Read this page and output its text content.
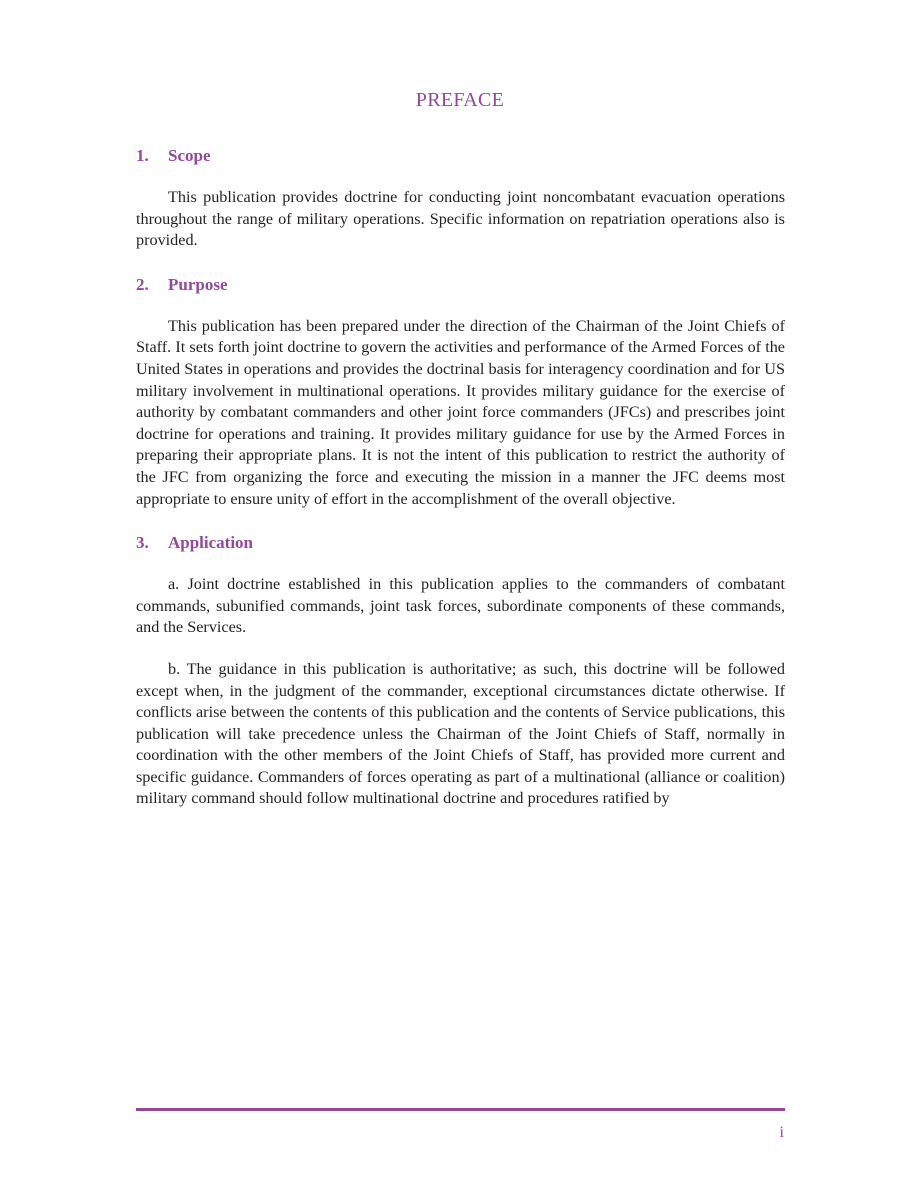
PREFACE
1. Scope

This publication provides doctrine for conducting joint noncombatant evacuation operations throughout the range of military operations. Specific information on repatriation operations also is provided.

2. Purpose

This publication has been prepared under the direction of the Chairman of the Joint Chiefs of Staff. It sets forth joint doctrine to govern the activities and performance of the Armed Forces of the United States in operations and provides the doctrinal basis for interagency coordination and for US military involvement in multinational operations. It provides military guidance for the exercise of authority by combatant commanders and other joint force commanders (JFCs) and prescribes joint doctrine for operations and training. It provides military guidance for use by the Armed Forces in preparing their appropriate plans. It is not the intent of this publication to restrict the authority of the JFC from organizing the force and executing the mission in a manner the JFC deems most appropriate to ensure unity of effort in the accomplishment of the overall objective.

3. Application

a. Joint doctrine established in this publication applies to the commanders of combatant commands, subunified commands, joint task forces, subordinate components of these commands, and the Services.

b. The guidance in this publication is authoritative; as such, this doctrine will be followed except when, in the judgment of the commander, exceptional circumstances dictate otherwise. If conflicts arise between the contents of this publication and the contents of Service publications, this publication will take precedence unless the Chairman of the Joint Chiefs of Staff, normally in coordination with the other members of the Joint Chiefs of Staff, has provided more current and specific guidance. Commanders of forces operating as part of a multinational (alliance or coalition) military command should follow multinational doctrine and procedures ratified by

i
